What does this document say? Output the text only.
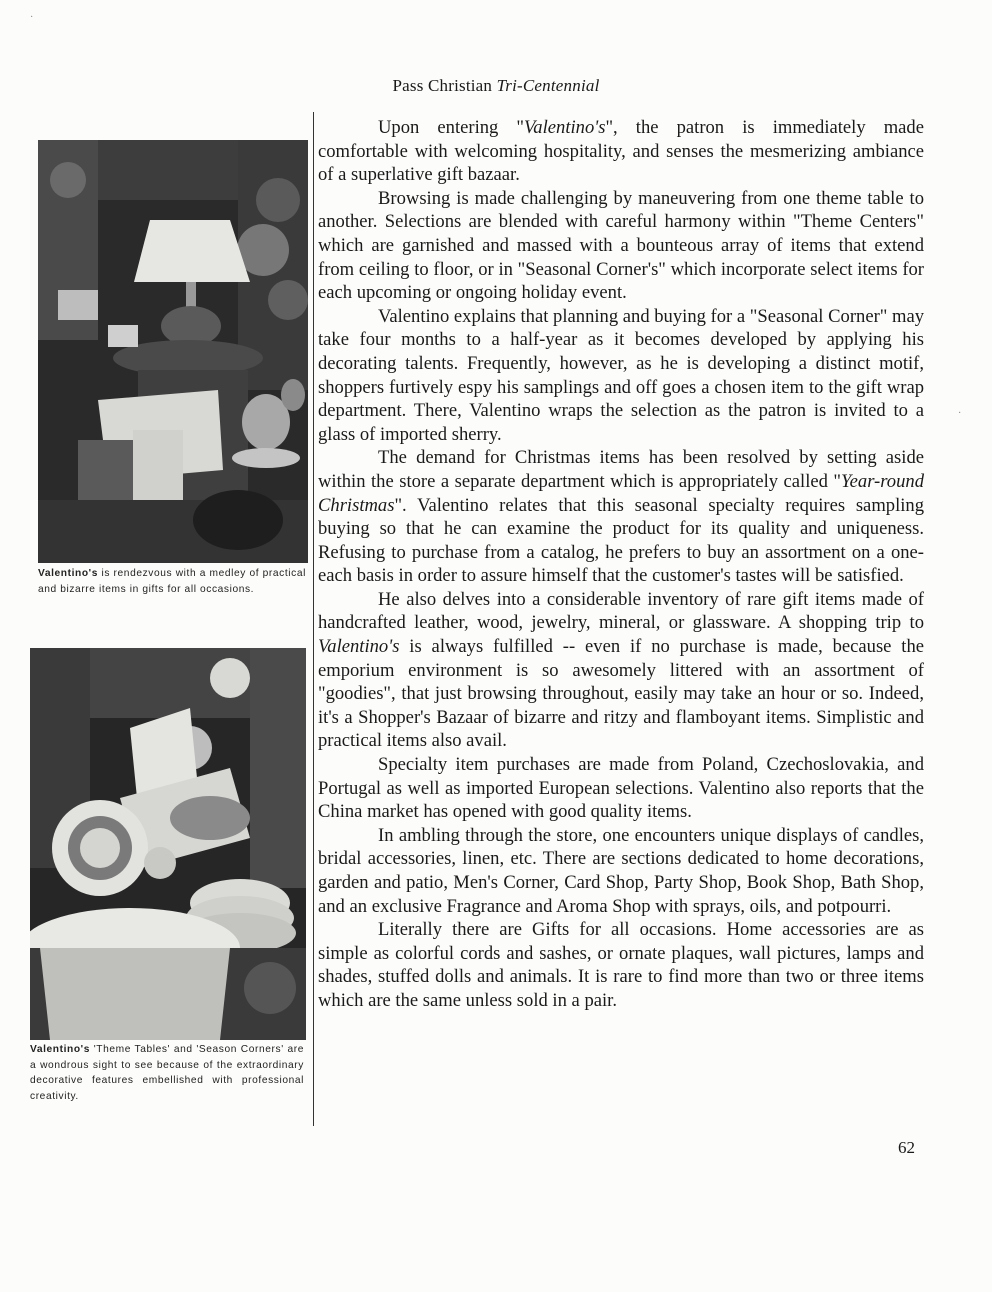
Pass Christian Tri-Centennial
Valentino's is rendezvous with a medley of practical and bizarre items in gifts for all occasions.
Valentino's 'Theme Tables' and 'Season Corners' are a wondrous sight to see because of the extraordinary decorative features embellished with professional creativity.

Upon entering "Valentino's", the patron is immediately made comfortable with welcoming hospitality, and senses the mesmerizing ambiance of a superlative gift bazaar.

Browsing is made challenging by maneuvering from one theme table to another. Selections are blended with careful harmony within "Theme Centers" which are garnished and massed with a bounteous array of items that extend from ceiling to floor, or in "Seasonal Corner's" which incorporate select items for each upcoming or ongoing holiday event.

Valentino explains that planning and buying for a "Seasonal Corner" may take four months to a half-year as it becomes developed by applying his decorating talents. Frequently, however, as he is developing a distinct motif, shoppers furtively espy his samplings and off goes a chosen item to the gift wrap department. There, Valentino wraps the selection as the patron is invited to a glass of imported sherry.

The demand for Christmas items has been resolved by setting aside within the store a separate department which is appropriately called "Year-round Christmas". Valentino relates that this seasonal specialty requires sampling buying so that he can examine the product for its quality and uniqueness. Refusing to purchase from a catalog, he prefers to buy an assortment on a one-each basis in order to assure himself that the customer's tastes will be satisfied.

He also delves into a considerable inventory of rare gift items made of handcrafted leather, wood, jewelry, mineral, or glassware. A shopping trip to Valentino's is always fulfilled -- even if no purchase is made, because the emporium environment is so awesomely littered with an assortment of "goodies", that just browsing throughout, easily may take an hour or so. Indeed, it's a Shopper's Bazaar of bizarre and ritzy and flamboyant items. Simplistic and practical items also avail.

Specialty item purchases are made from Poland, Czechoslovakia, and Portugal as well as imported European selections. Valentino also reports that the China market has opened with good quality items.

In ambling through the store, one encounters unique displays of candles, bridal accessories, linen, etc. There are sections dedicated to home decorations, garden and patio, Men's Corner, Card Shop, Party Shop, Book Shop, Bath Shop, and an exclusive Fragrance and Aroma Shop with sprays, oils, and potpourri.

Literally there are Gifts for all occasions. Home accessories are as simple as colorful cords and sashes, or ornate plaques, wall pictures, lamps and shades, stuffed dolls and animals. It is rare to find more than two or three items which are the same unless sold in a pair.

62
·
·
